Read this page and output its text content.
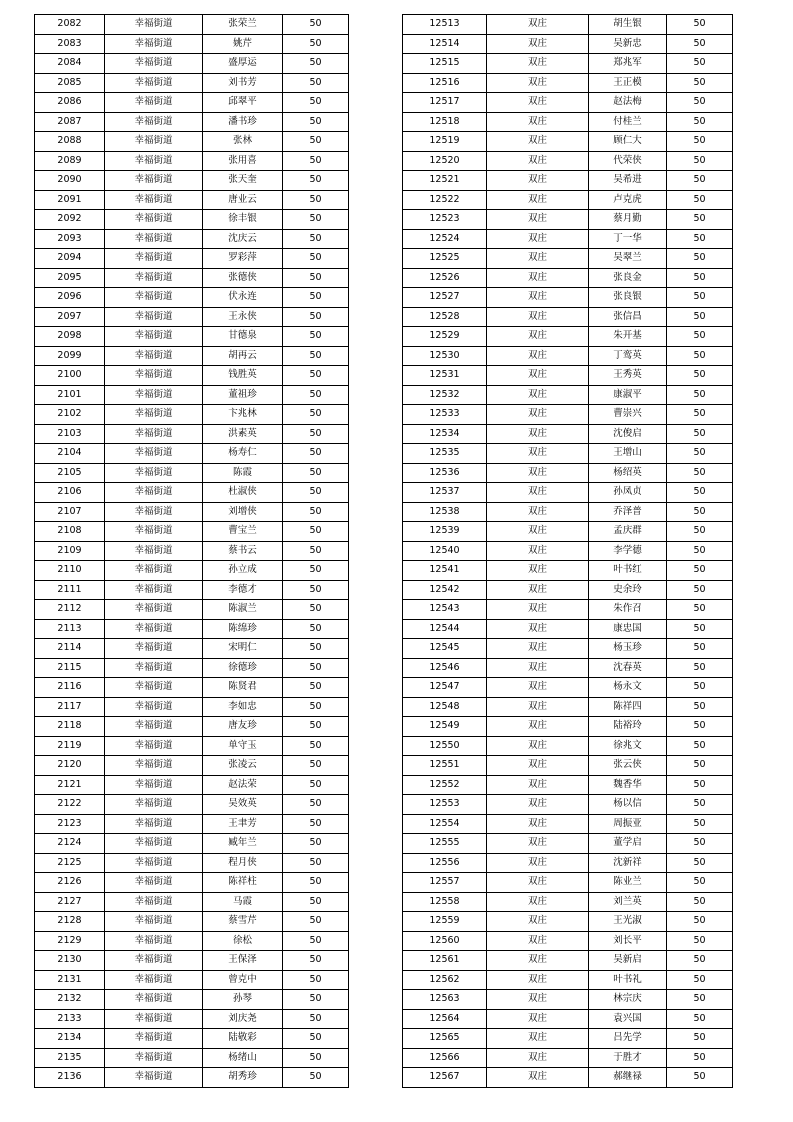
2082	幸福街道	张荣兰	50
2083	幸福街道	姚芹	50
2084	幸福街道	盛厚运	50
2085	幸福街道	刘书芳	50
2086	幸福街道	邱翠平	50
2087	幸福街道	潘书珍	50
2088	幸福街道	张林	50
2089	幸福街道	张用喜	50
2090	幸福街道	张天奎	50
2091	幸福街道	唐业云	50
2092	幸福街道	徐丰银	50
2093	幸福街道	沈庆云	50
2094	幸福街道	罗彩萍	50
2095	幸福街道	张德侠	50
2096	幸福街道	伏永连	50
2097	幸福街道	王永侠	50
2098	幸福街道	甘德泉	50
2099	幸福街道	胡再云	50
2100	幸福街道	钱胜英	50
2101	幸福街道	董祖珍	50
2102	幸福街道	卞兆林	50
2103	幸福街道	洪素英	50
2104	幸福街道	杨寿仁	50
2105	幸福街道	陈霞	50
2106	幸福街道	杜淑侠	50
2107	幸福街道	刘增侠	50
2108	幸福街道	曹宝兰	50
2109	幸福街道	蔡书云	50
2110	幸福街道	孙立成	50
2111	幸福街道	李德才	50
2112	幸福街道	陈淑兰	50
2113	幸福街道	陈绵珍	50
2114	幸福街道	宋明仁	50
2115	幸福街道	徐德珍	50
2116	幸福街道	陈贤君	50
2117	幸福街道	李如忠	50
2118	幸福街道	唐友珍	50
2119	幸福街道	单守玉	50
2120	幸福街道	张凌云	50
2121	幸福街道	赵法荣	50
2122	幸福街道	吴效英	50
2123	幸福街道	王聿芳	50
2124	幸福街道	臧年兰	50
2125	幸福街道	程月侠	50
2126	幸福街道	陈祥柱	50
2127	幸福街道	马霞	50
2128	幸福街道	蔡雪芹	50
2129	幸福街道	徐松	50
2130	幸福街道	王保泽	50
2131	幸福街道	曾克中	50
2132	幸福街道	孙琴	50
2133	幸福街道	刘庆尧	50
2134	幸福街道	陆敬彩	50
2135	幸福街道	杨绪山	50
2136	幸福街道	胡秀珍	50
12513	双庄	胡生银	50
12514	双庄	吴新忠	50
12515	双庄	郑兆军	50
12516	双庄	王正模	50
12517	双庄	赵法梅	50
12518	双庄	付桂兰	50
12519	双庄	顾仁大	50
12520	双庄	代荣侠	50
12521	双庄	吴希进	50
12522	双庄	卢克虎	50
12523	双庄	蔡月勤	50
12524	双庄	丁一华	50
12525	双庄	吴翠兰	50
12526	双庄	张良金	50
12527	双庄	张良银	50
12528	双庄	张信昌	50
12529	双庄	朱开基	50
12530	双庄	丁鸾英	50
12531	双庄	王秀英	50
12532	双庄	康淑平	50
12533	双庄	曹崇兴	50
12534	双庄	沈俊启	50
12535	双庄	王增山	50
12536	双庄	杨绍英	50
12537	双庄	孙凤贞	50
12538	双庄	乔泽普	50
12539	双庄	孟庆群	50
12540	双庄	李学德	50
12541	双庄	叶书红	50
12542	双庄	史余玲	50
12543	双庄	朱作召	50
12544	双庄	康忠国	50
12545	双庄	杨玉珍	50
12546	双庄	沈春英	50
12547	双庄	杨永文	50
12548	双庄	陈祥四	50
12549	双庄	陆裕玲	50
12550	双庄	徐兆文	50
12551	双庄	张云侠	50
12552	双庄	魏香华	50
12553	双庄	杨以信	50
12554	双庄	周振亚	50
12555	双庄	董学启	50
12556	双庄	沈新祥	50
12557	双庄	陈业兰	50
12558	双庄	刘兰英	50
12559	双庄	王光淑	50
12560	双庄	刘长平	50
12561	双庄	吴新启	50
12562	双庄	叶书礼	50
12563	双庄	林宗庆	50
12564	双庄	袁兴国	50
12565	双庄	吕先学	50
12566	双庄	于胜才	50
12567	双庄	郝继禄	50
